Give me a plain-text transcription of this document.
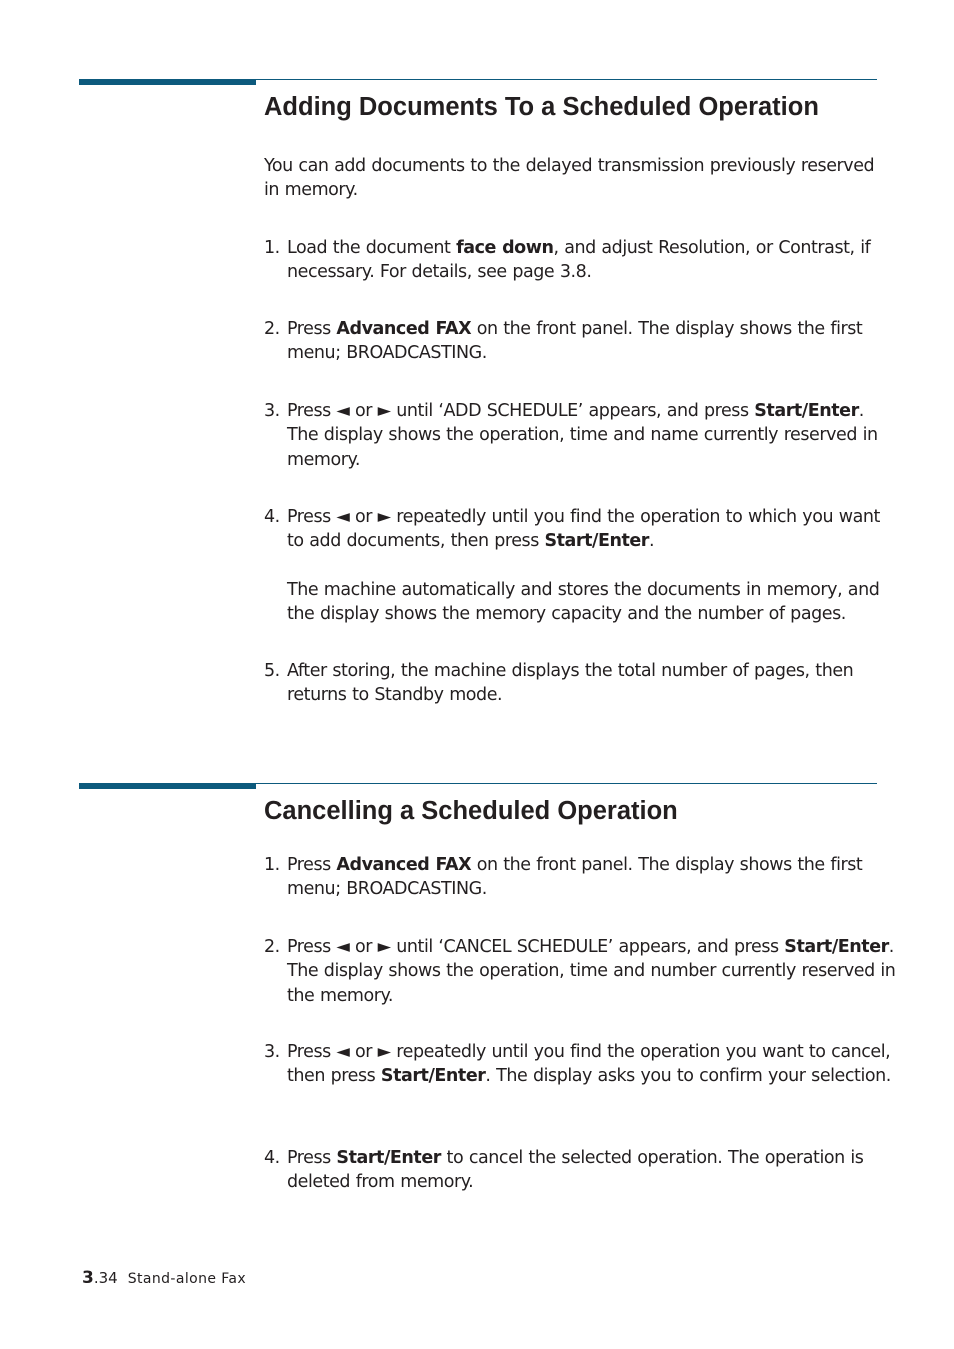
Adding Documents To a Scheduled Operation

You can add documents to the delayed transmission previously reserved in memory.

1. Load the document face down, and adjust Resolution, or Contrast, if necessary. For details, see page 3.8.

2. Press Advanced FAX on the front panel. The display shows the first menu; BROADCASTING.

3. Press ◄ or ► until ‘ADD SCHEDULE’ appears, and press Start/Enter. The display shows the operation, time and name currently reserved in memory.

4. Press ◄ or ► repeatedly until you find the operation to which you want to add documents, then press Start/Enter.

The machine automatically and stores the documents in memory, and the display shows the memory capacity and the number of pages.

5. After storing, the machine displays the total number of pages, then returns to Standby mode.

Cancelling a Scheduled Operation

1. Press Advanced FAX on the front panel. The display shows the first menu; BROADCASTING.

2. Press ◄ or ► until ‘CANCEL SCHEDULE’ appears, and press Start/Enter. The display shows the operation, time and number currently reserved in the memory.

3. Press ◄ or ► repeatedly until you find the operation you want to cancel, then press Start/Enter. The display asks you to confirm your selection.

4. Press Start/Enter to cancel the selected operation. The operation is deleted from memory.

3.34 Stand-alone Fax
